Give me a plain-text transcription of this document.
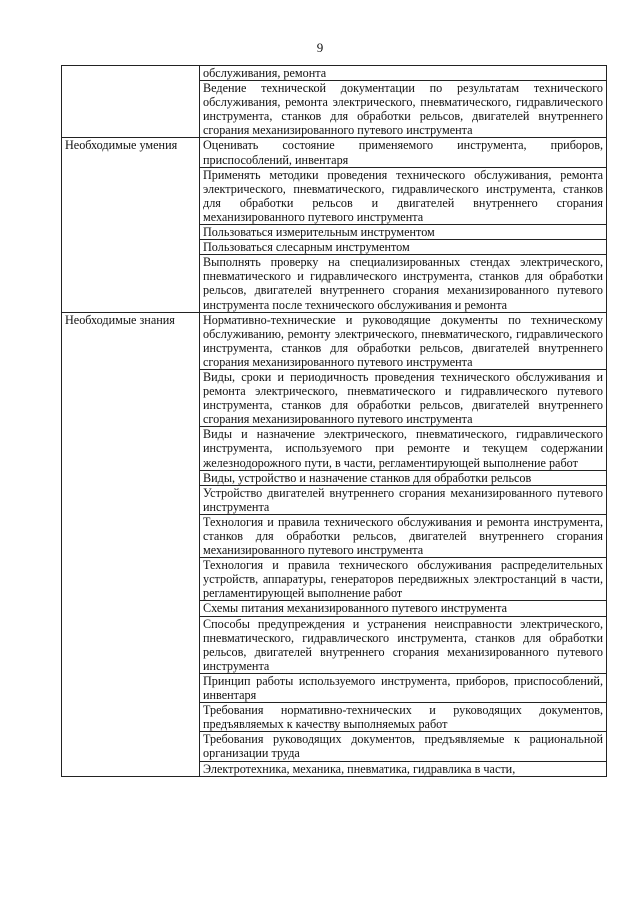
9
	обслуживания, ремонта
	Ведение технической документации по результатам технического обслуживания, ремонта электрического, пневматического, гидравлического инструмента, станков для обработки рельсов, двигателей внутреннего сгорания механизированного путевого инструмента
Необходимые умения	Оценивать состояние применяемого инструмента, приборов, приспособлений, инвентаря
	Применять методики проведения технического обслуживания, ремонта электрического, пневматического, гидравлического инструмента, станков для обработки рельсов и двигателей внутреннего сгорания механизированного путевого инструмента
	Пользоваться измерительным инструментом
	Пользоваться слесарным инструментом
	Выполнять проверку на специализированных стендах электрического, пневматического и гидравлического инструмента, станков для обработки рельсов, двигателей внутреннего сгорания механизированного путевого инструмента после технического обслуживания и ремонта
Необходимые знания	Нормативно-технические и руководящие документы по техническому обслуживанию, ремонту электрического, пневматического, гидравлического инструмента, станков для обработки рельсов, двигателей внутреннего сгорания механизированного путевого инструмента
	Виды, сроки и периодичность проведения технического обслуживания и ремонта электрического, пневматического и гидравлического путевого инструмента, станков для обработки рельсов, двигателей внутреннего сгорания механизированного путевого инструмента
	Виды и назначение электрического, пневматического, гидравлического инструмента, используемого при ремонте и текущем содержании железнодорожного пути, в части, регламентирующей выполнение работ
	Виды, устройство и назначение станков для обработки рельсов
	Устройство двигателей внутреннего сгорания механизированного путевого инструмента
	Технология и правила технического обслуживания и ремонта инструмента, станков для обработки рельсов, двигателей внутреннего сгорания механизированного путевого инструмента
	Технология и правила технического обслуживания распределительных устройств, аппаратуры, генераторов передвижных электростанций в части, регламентирующей выполнение работ
	Схемы питания механизированного путевого инструмента
	Способы предупреждения и устранения неисправности электрического, пневматического, гидравлического инструмента, станков для обработки рельсов, двигателей внутреннего сгорания механизированного путевого инструмента
	Принцип работы используемого инструмента, приборов, приспособлений, инвентаря
	Требования нормативно-технических и руководящих документов, предъявляемых к качеству выполняемых работ
	Требования руководящих документов, предъявляемые к рациональной организации труда
	Электротехника, механика, пневматика, гидравлика в части,
